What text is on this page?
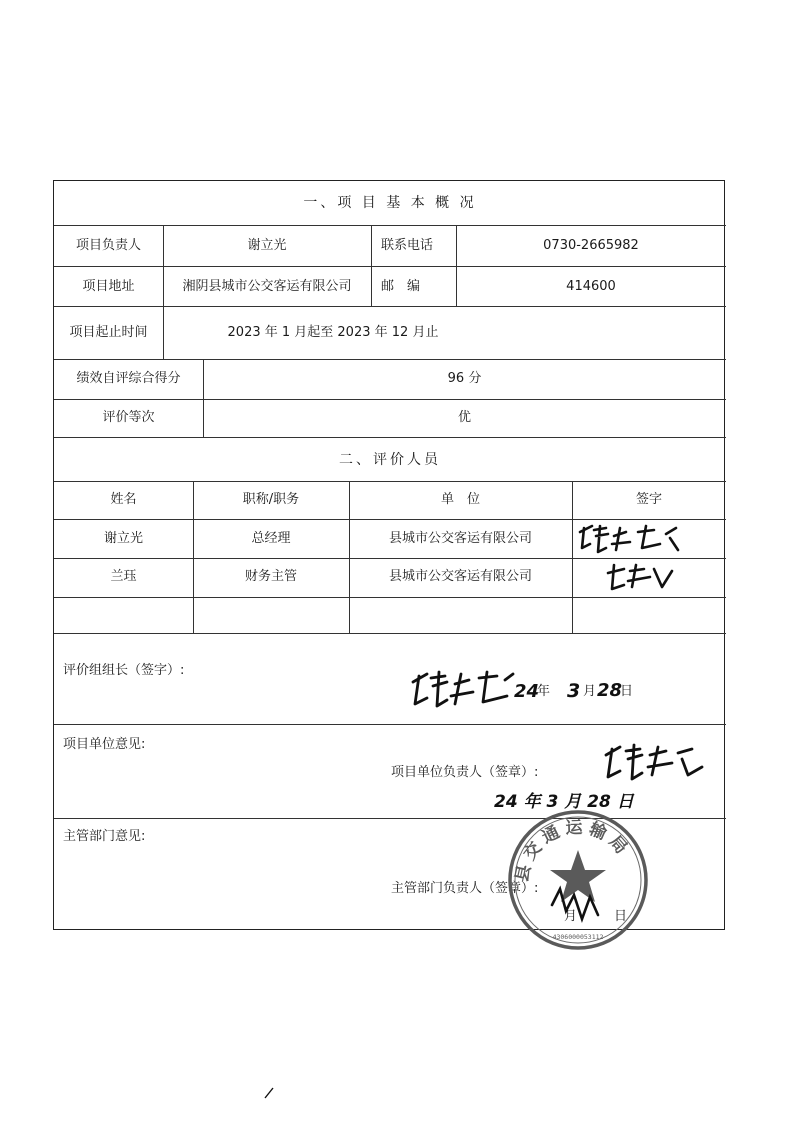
一、项 目 基 本 概 况
项目负责人	谢立光	联系电话	0730-2665982
项目地址	湘阴县城市公交客运有限公司	邮　编	414600
项目起止时间	2023 年 1 月起至 2023 年 12 月止
绩效自评综合得分	96 分
评价等次	优
二、评价人员
姓名	职称/职务	单　位	签字
谢立光	总经理	县城市公交客运有限公司
兰珏	财务主管	县城市公交客运有限公司
评价组组长（签字）:
24
年 3 月 28
日
项目单位意见:
项目单位负责人（签章）:
24 年 3 月 28 日
主管部门意见:
主管部门负责人（签章）:
月	日
县交通运输局
4306000053112
